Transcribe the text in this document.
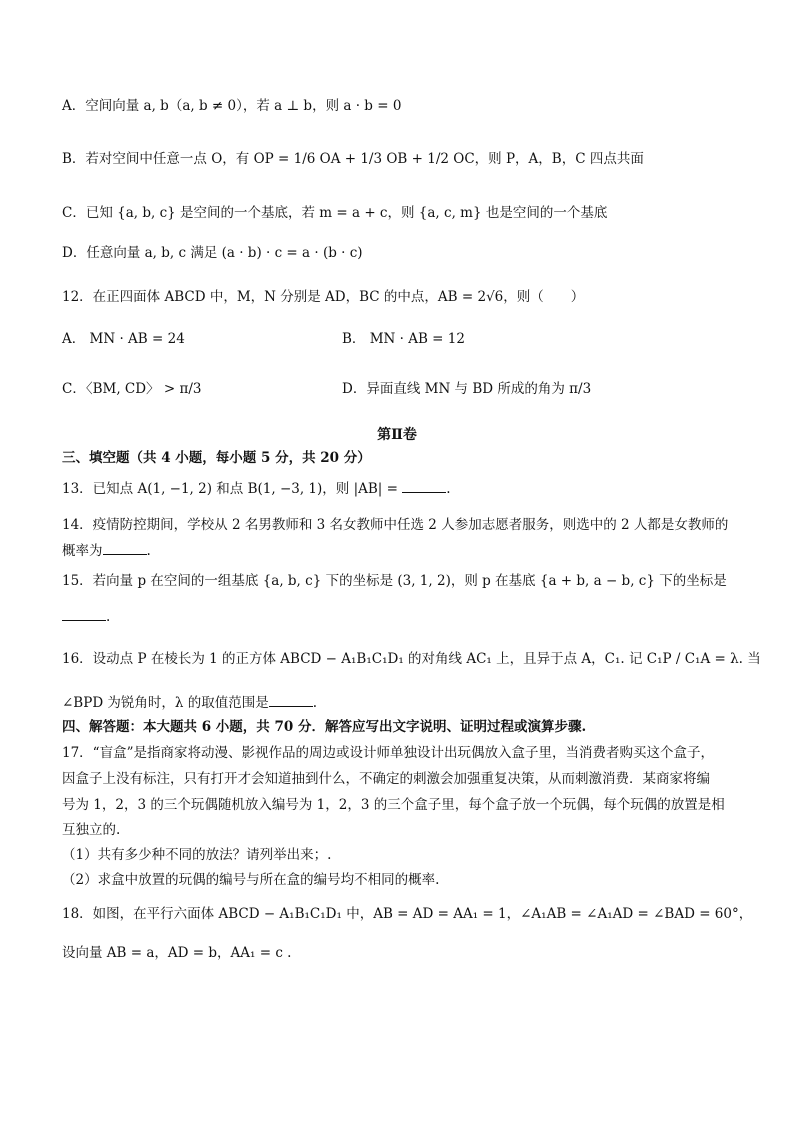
A．空间向量 a, b（a, b ≠ 0），若 a ⊥ b，则 a · b = 0
B．若对空间中任意一点 O，有 OP = 1/6 OA + 1/3 OB + 1/2 OC，则 P，A，B，C 四点共面
C．已知 {a, b, c} 是空间的一个基底，若 m = a + c，则 {a, c, m} 也是空间的一个基底
D．任意向量 a, b, c 满足 (a · b) · c = a · (b · c)
12．在正四面体 ABCD 中，M，N 分别是 AD，BC 的中点，AB = 2√6，则（　　）
A． MN · AB = 24	B． MN · AB = 12
C．〈BM, CD〉 > π/3	D．异面直线 MN 与 BD 所成的角为 π/3
第Ⅱ卷
三、填空题（共 4 小题，每小题 5 分，共 20 分）
13．已知点 A(1, −1, 2) 和点 B(1, −3, 1)，则 |AB| =	.
14．疫情防控期间，学校从 2 名男教师和 3 名女教师中任选 2 人参加志愿者服务，则选中的 2 人都是女教师的
概率为	.
15．若向量 p 在空间的一组基底 {a, b, c} 下的坐标是 (3, 1, 2)，则 p 在基底 {a + b, a − b, c} 下的坐标是
.
16．设动点 P 在棱长为 1 的正方体 ABCD − A₁B₁C₁D₁ 的对角线 AC₁ 上，且异于点 A，C₁. 记 C₁P / C₁A = λ. 当
∠BPD 为锐角时，λ 的取值范围是	.
四、解答题：本大题共 6 小题，共 70 分．解答应写出文字说明、证明过程或演算步骤.
17．“盲盒”是指商家将动漫、影视作品的周边或设计师单独设计出玩偶放入盒子里，当消费者购买这个盒子，
因盒子上没有标注，只有打开才会知道抽到什么，不确定的刺激会加强重复决策，从而刺激消费．某商家将编
号为 1，2，3 的三个玩偶随机放入编号为 1，2，3 的三个盒子里，每个盒子放一个玩偶，每个玩偶的放置是相
互独立的.
（1）共有多少种不同的放法？请列举出来；.
（2）求盒中放置的玩偶的编号与所在盒的编号均不相同的概率.
18．如图，在平行六面体 ABCD − A₁B₁C₁D₁ 中，AB = AD = AA₁ = 1，∠A₁AB = ∠A₁AD = ∠BAD = 60°，
设向量 AB = a，AD = b，AA₁ = c .
